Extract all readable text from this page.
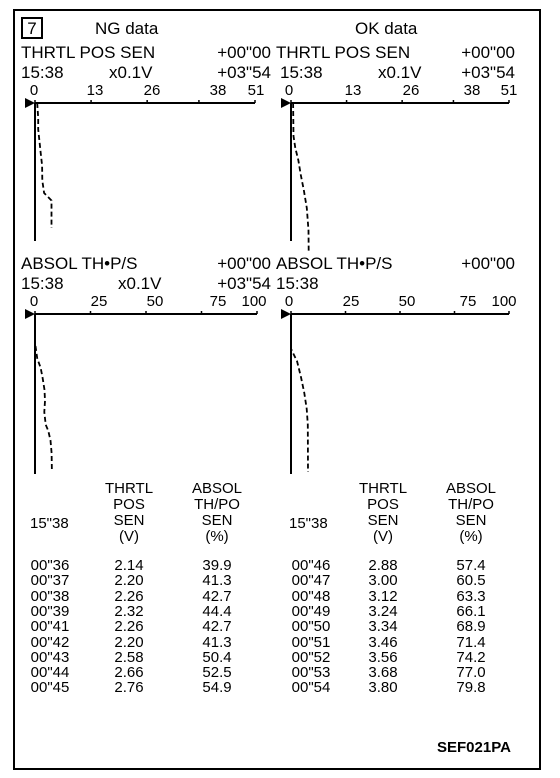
7	NG data
THRTL POS SEN	+00"00
15:38	x0.1V	+03"54
0	13	26	38 51
ABSOL TH•P/S	+00"00
15:38	x0.1V	+03"54
0	25	50	75 100
THRTL
POS
SEN
(V)
ABSOL
TH/PO
SEN
(%)
15"38
00"36	2.14	39.9
00"37	2.20	41.3
00"38	2.26	42.7
00"39	2.32	44.4
00"41	2.26	42.7
00"42	2.20	41.3
00"43	2.58	50.4
00"44	2.66	52.5
00"45	2.76	54.9
OK data
THRTL POS SEN	+00"00
15:38	x0.1V	+03"54
0	13	26	38 51
ABSOL TH•P/S	+00"00
15:38
0	25	50	75 100
THRTL
POS
SEN
(V)
ABSOL
TH/PO
SEN
(%)
15"38
00"46	2.88	57.4
00"47	3.00	60.5
00"48	3.12	63.3
00"49	3.24	66.1
00"50	3.34	68.9
00"51	3.46	71.4
00"52	3.56	74.2
00"53	3.68	77.0
00"54	3.80	79.8
SEF021PA
